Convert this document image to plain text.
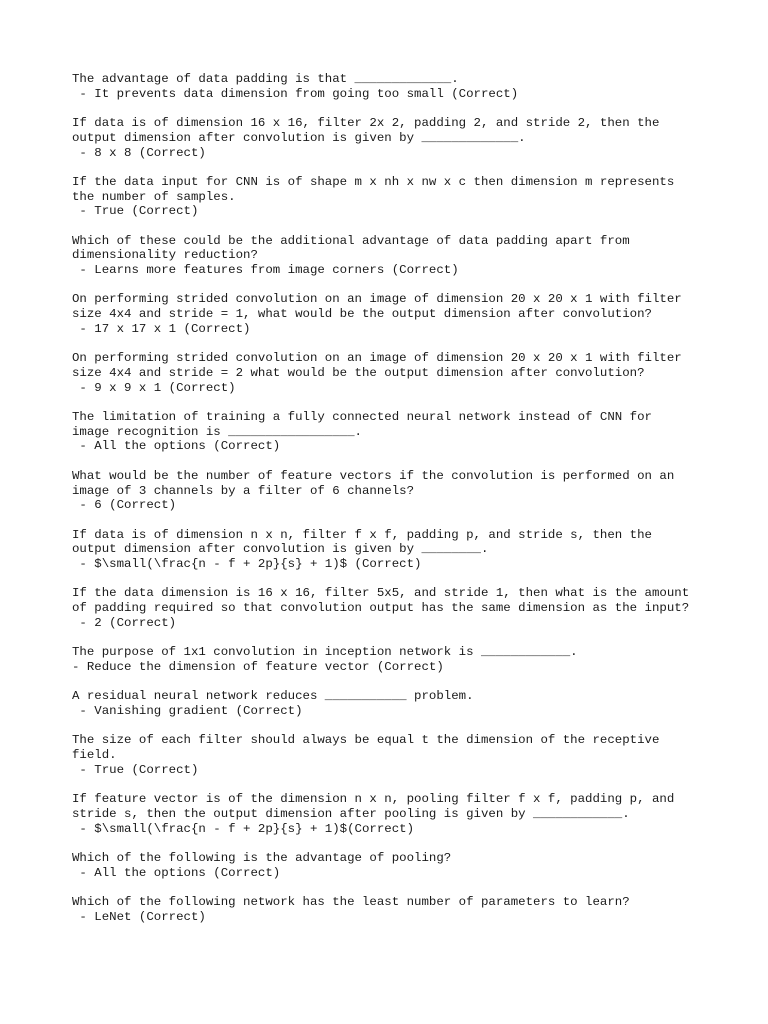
The advantage of data padding is that _____________.

- It prevents data dimension from going too small (Correct)

If data is of dimension 16 x 16, filter 2x 2, padding 2, and stride 2, then the
output dimension after convolution is given by _____________.

- 8 x 8 (Correct)

If the data input for CNN is of shape m x nh x nw x c then dimension m represents
the number of samples.

- True (Correct)

Which of these could be the additional advantage of data padding apart from
dimensionality reduction?

- Learns more features from image corners (Correct)

On performing strided convolution on an image of dimension 20 x 20 x 1 with filter
size 4x4 and stride = 1, what would be the output dimension after convolution?

- 17 x 17 x 1 (Correct)

On performing strided convolution on an image of dimension 20 x 20 x 1 with filter
size 4x4 and stride = 2 what would be the output dimension after convolution?

- 9 x 9 x 1 (Correct)

The limitation of training a fully connected neural network instead of CNN for
image recognition is _________________.

- All the options (Correct)

What would be the number of feature vectors if the convolution is performed on an
image of 3 channels by a filter of 6 channels?

- 6 (Correct)

If data is of dimension n x n, filter f x f, padding p, and stride s, then the
output dimension after convolution is given by ________.

- $\small(\frac{n - f + 2p}{s} + 1)$ (Correct)

If the data dimension is 16 x 16, filter 5x5, and stride 1, then what is the amount
of padding required so that convolution output has the same dimension as the input?

- 2 (Correct)

The purpose of 1x1 convolution in inception network is ____________.

- Reduce the dimension of feature vector (Correct)

A residual neural network reduces ___________ problem.

- Vanishing gradient (Correct)

The size of each filter should always be equal t the dimension of the receptive
field.

- True (Correct)

If feature vector is of the dimension n x n, pooling filter f x f, padding p, and
stride s, then the output dimension after pooling is given by ____________.

- $\small(\frac{n - f + 2p}{s} + 1)$(Correct)

Which of the following is the advantage of pooling?

- All the options (Correct)

Which of the following network has the least number of parameters to learn?

- LeNet (Correct)
